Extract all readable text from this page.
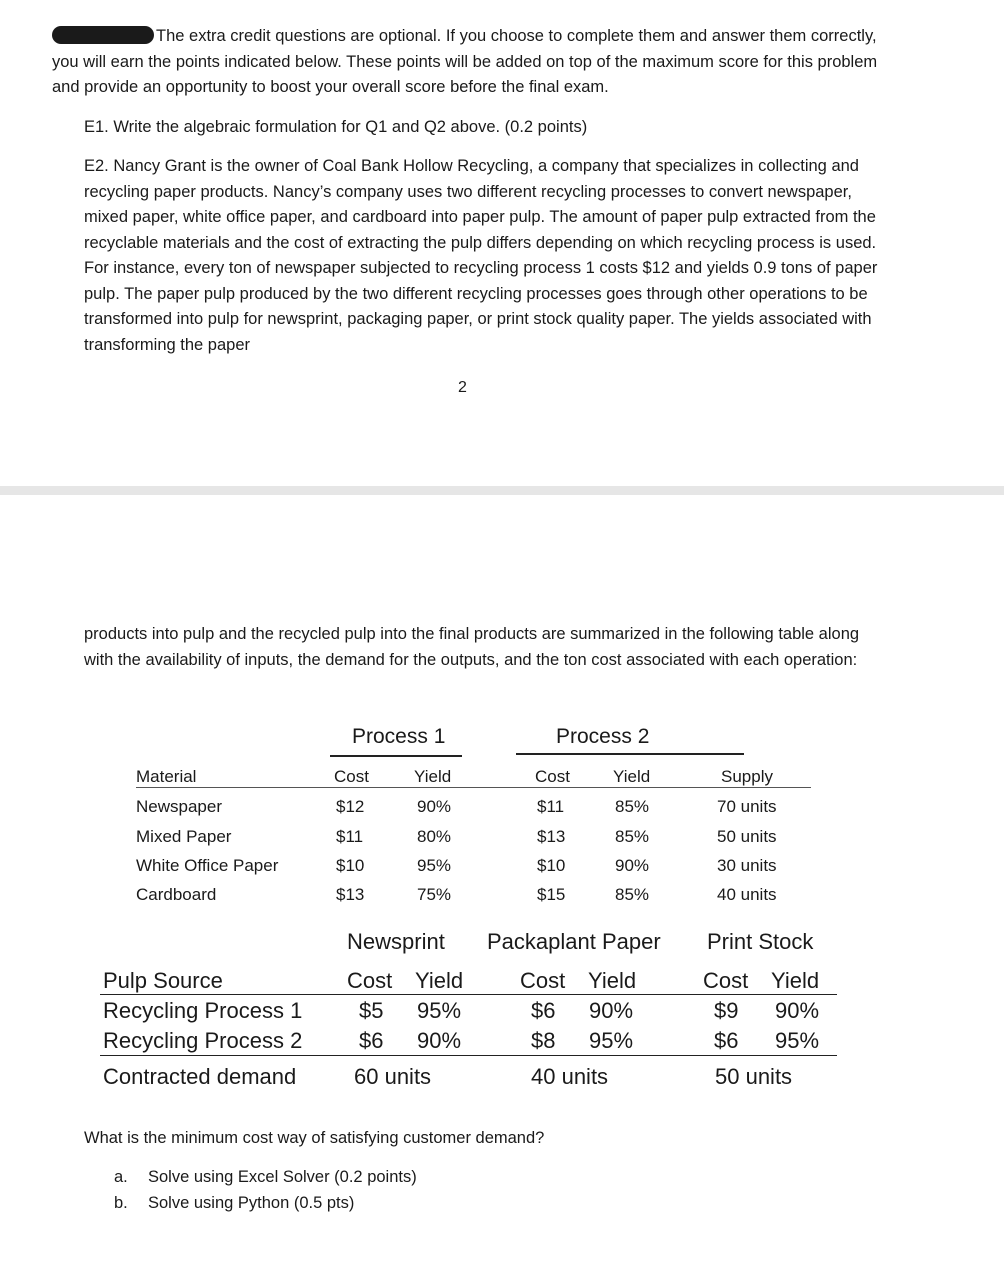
The extra credit questions are optional. If you choose to complete them and answer them correctly, you will earn the points indicated below. These points will be added on top of the maximum score for this problem and provide an opportunity to boost your overall score before the final exam.

E1. Write the algebraic formulation for Q1 and Q2 above. (0.2 points)

E2. Nancy Grant is the owner of Coal Bank Hollow Recycling, a company that specializes in collecting and recycling paper products. Nancy’s company uses two different recycling processes to convert newspaper, mixed paper, white office paper, and cardboard into paper pulp. The amount of paper pulp extracted from the recyclable materials and the cost of extracting the pulp differs depending on which recycling process is used. For instance, every ton of newspaper subjected to recycling process 1 costs $12 and yields 0.9 tons of paper pulp. The paper pulp produced by the two different recycling processes goes through other operations to be transformed into pulp for newsprint, packaging paper, or print stock quality paper. The yields associated with transforming the paper

2

products into pulp and the recycled pulp into the final products are summarized in the following table along with the availability of inputs, the demand for the outputs, and the ton cost associated with each operation:

Process 1	Process 2
Material	Cost	Yield	Cost	Yield	Supply
Newspaper	$12	90%	$11	85%	70 units
Mixed Paper	$11	80%	$13	85%	50 units
White Office Paper	$10	95%	$10	90%	30 units
Cardboard	$13	75%	$15	85%	40 units
Newsprint Packaplant Paper Print Stock
Pulp Source	Cost Yield	Cost Yield	Cost Yield
Recycling Process 1	$5 95%	$6 90%	$9 90%
Recycling Process 2	$6 90%	$8 95%	$6 95%
Contracted demand	60 units	40 units	50 units

What is the minimum cost way of satisfying customer demand?

a. Solve using Excel Solver (0.2 points)
b. Solve using Python (0.5 pts)
